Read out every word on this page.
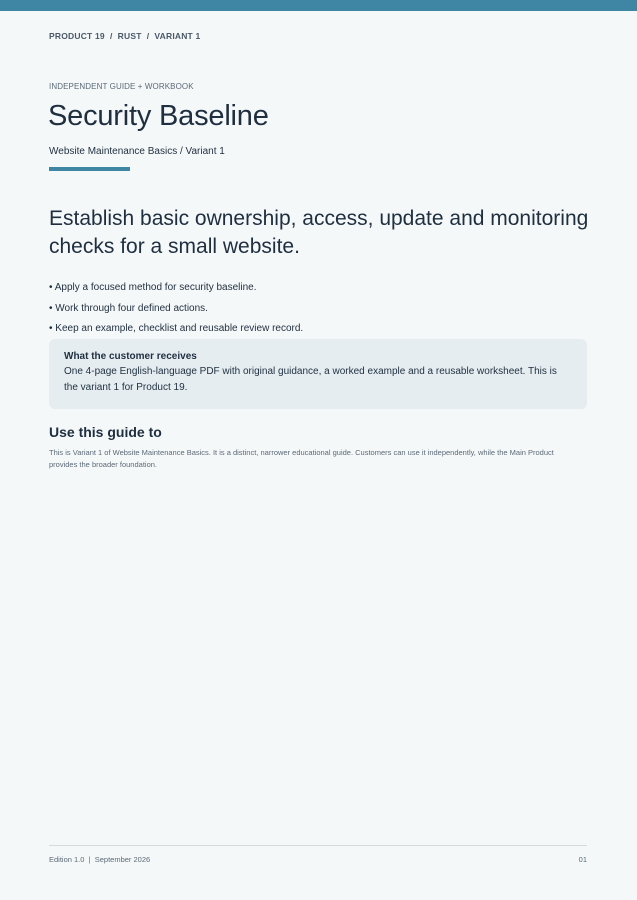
PRODUCT 19  /  RUST  /  VARIANT 1
INDEPENDENT GUIDE + WORKBOOK
Security Baseline
Website Maintenance Basics / Variant 1

Establish basic ownership, access, update and monitoring checks for a small website.

• Apply a focused method for security baseline.
• Work through four defined actions.
• Keep an example, checklist and reusable review record.
What the customer receives
One 4-page English-language PDF with original guidance, a worked example and a reusable worksheet. This is the variant 1 for Product 19.
Use this guide to

This is Variant 1 of Website Maintenance Basics. It is a distinct, narrower educational guide. Customers can use it independently, while the Main Product provides the broader foundation.

Edition 1.0  |  September 2026	01
